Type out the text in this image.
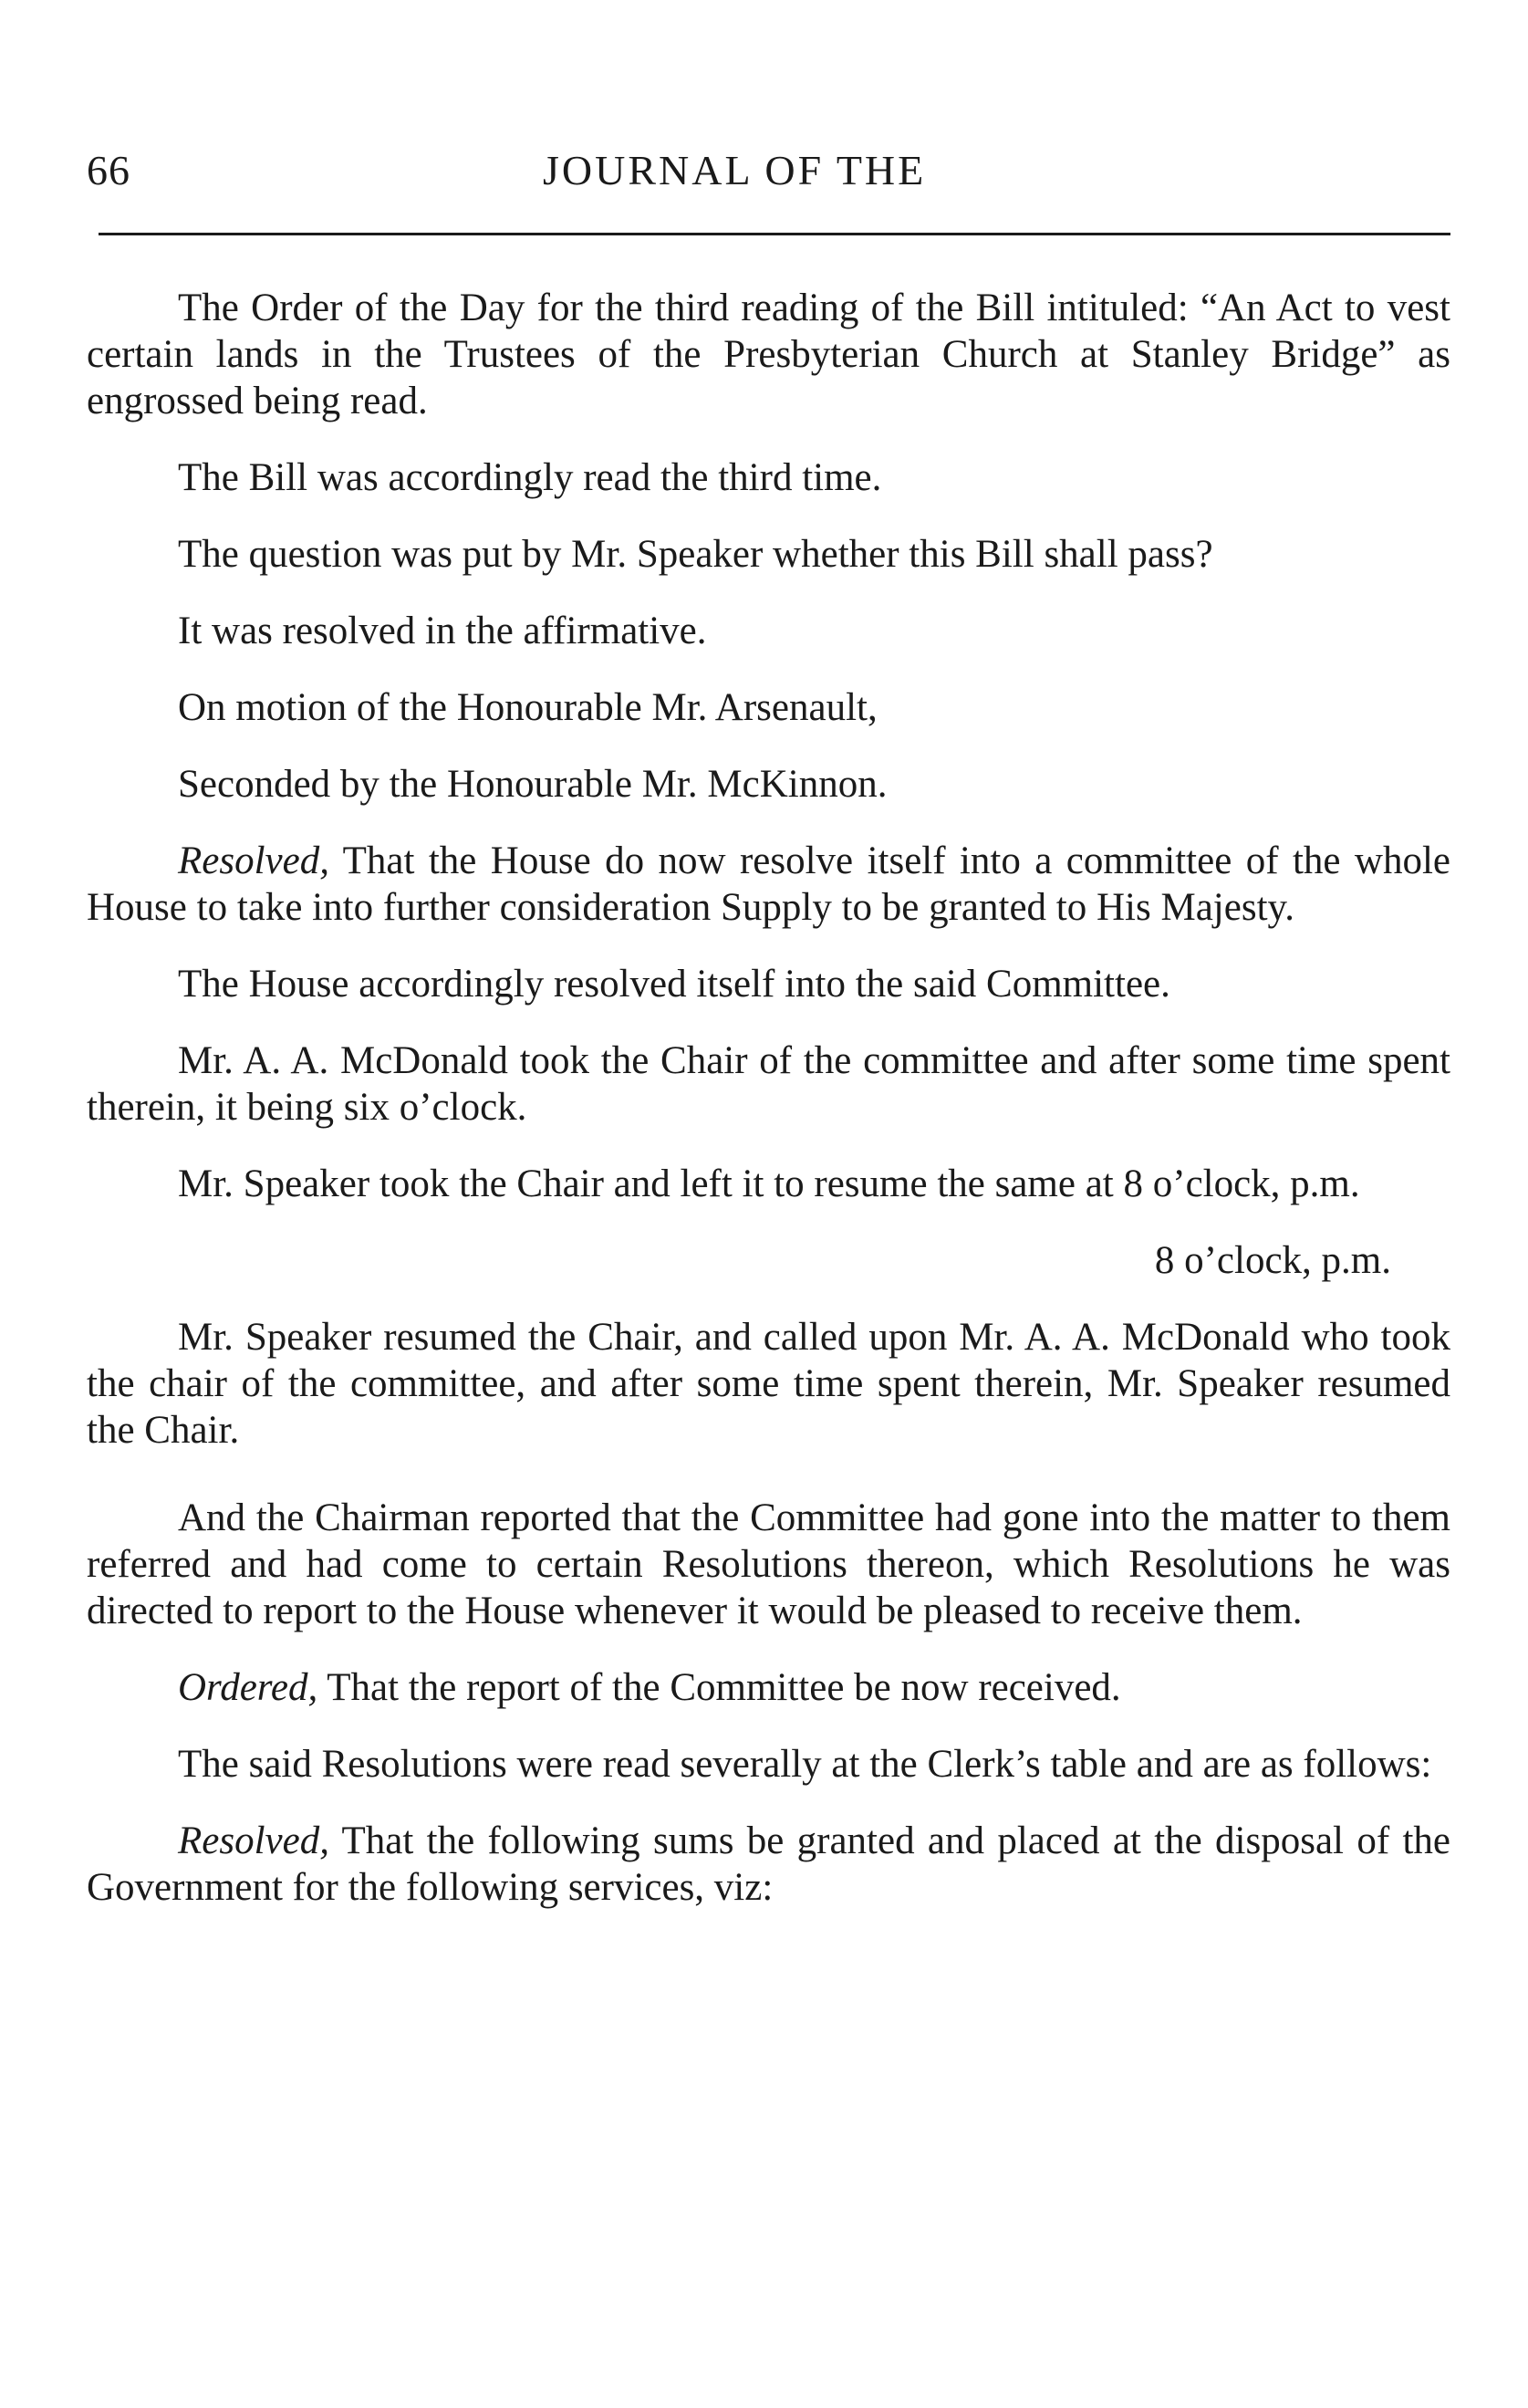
66	JOURNAL OF THE

The Order of the Day for the third reading of the Bill intituled: “An Act to vest certain lands in the Trustees of the Presbyterian Church at Stanley Bridge” as engrossed being read.

The Bill was accordingly read the third time.

The question was put by Mr. Speaker whether this Bill shall pass?

It was resolved in the affirmative.

On motion of the Honourable Mr. Arsenault,

Seconded by the Honourable Mr. McKinnon.

Resolved, That the House do now resolve itself into a committee of the whole House to take into further consideration Supply to be granted to His Majesty.

The House accordingly resolved itself into the said Committee.

Mr. A. A. McDonald took the Chair of the committee and after some time spent therein, it being six o’clock.

Mr. Speaker took the Chair and left it to resume the same at 8 o’clock, p.m.

8 o’clock, p.m.

Mr. Speaker resumed the Chair, and called upon Mr. A. A. McDonald who took the chair of the committee, and after some time spent therein, Mr. Speaker resumed the Chair.

And the Chairman reported that the Committee had gone into the matter to them referred and had come to certain Resolutions thereon, which Resolutions he was directed to report to the House whenever it would be pleased to receive them.

Ordered, That the report of the Committee be now received.

The said Resolutions were read severally at the Clerk’s table and are as follows:

Resolved, That the following sums be granted and placed at the disposal of the Government for the following services, viz:
